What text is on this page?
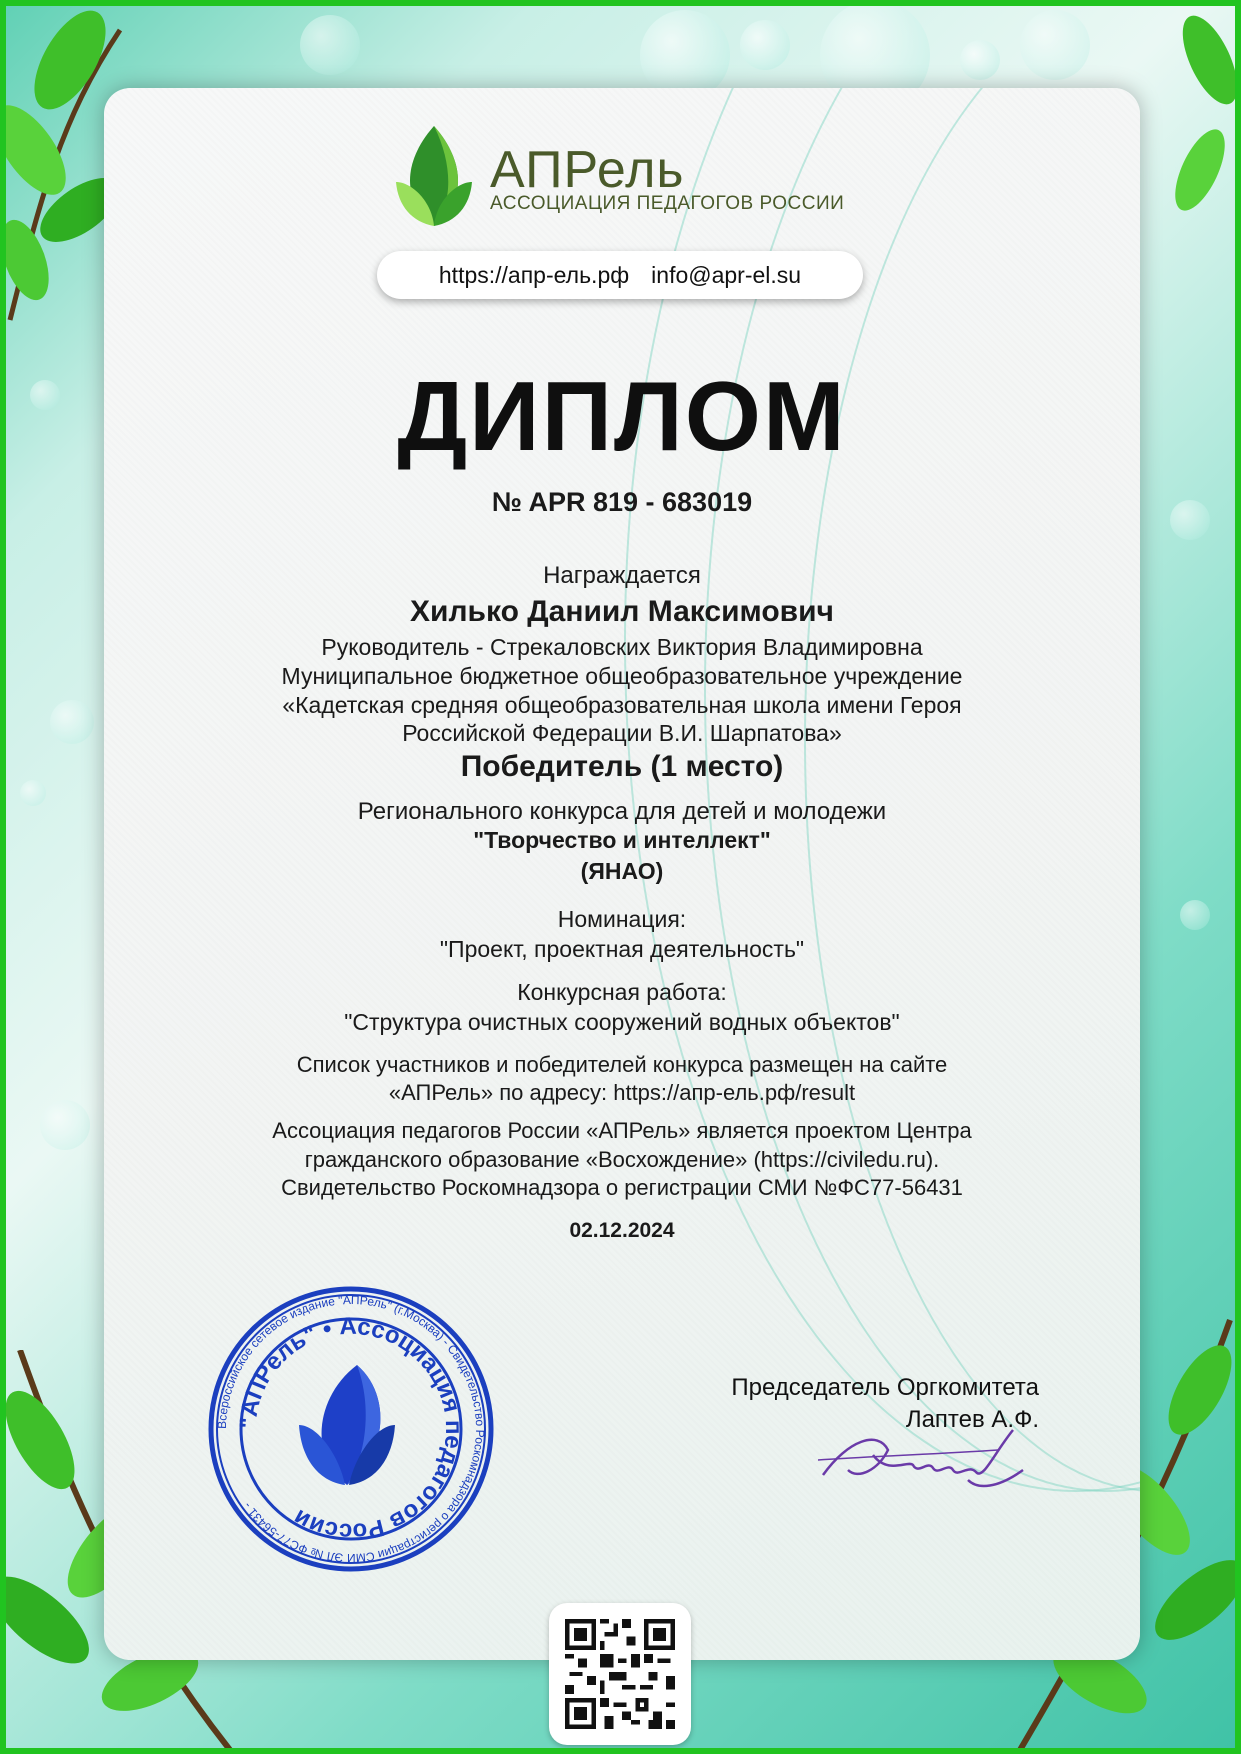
АПРель
АССОЦИАЦИЯ ПЕДАГОГОВ РОССИИ
https://апр-ель.рф info@apr-el.su
ДИПЛОМ
№ APR 819 - 683019
Награждается
Хилько Даниил Максимович
Руководитель - Стрекаловских Виктория Владимировна
Муниципальное бюджетное общеобразовательное учреждение
«Кадетская средняя общеобразовательная школа имени Героя
Российской Федерации В.И. Шарпатова»
Победитель (1 место)
Регионального конкурса для детей и молодежи
"Творчество и интеллект"
(ЯНАО)
Номинация:
"Проект, проектная деятельность"
Конкурсная работа:
"Структура очистных сооружений водных объектов"
Список участников и победителей конкурса размещен на сайте
«АПРель» по адресу: https://апр-ель.рф/result
Ассоциация педагогов России «АПРель» является проектом Центра
гражданского образование «Восхождение» (https://civiledu.ru).
Свидетельство Роскомнадзора о регистрации СМИ №ФС77-56431
02.12.2024
Всероссийское сетевое издание "АПРель" (г.Москва) - Свидетельство Роскомнадзора о регистрации СМИ ЭЛ № ФС77-56431 -
"АПРель" • Ассоциация педагогов России
Председатель Оргкомитета
Лаптев А.Ф.
